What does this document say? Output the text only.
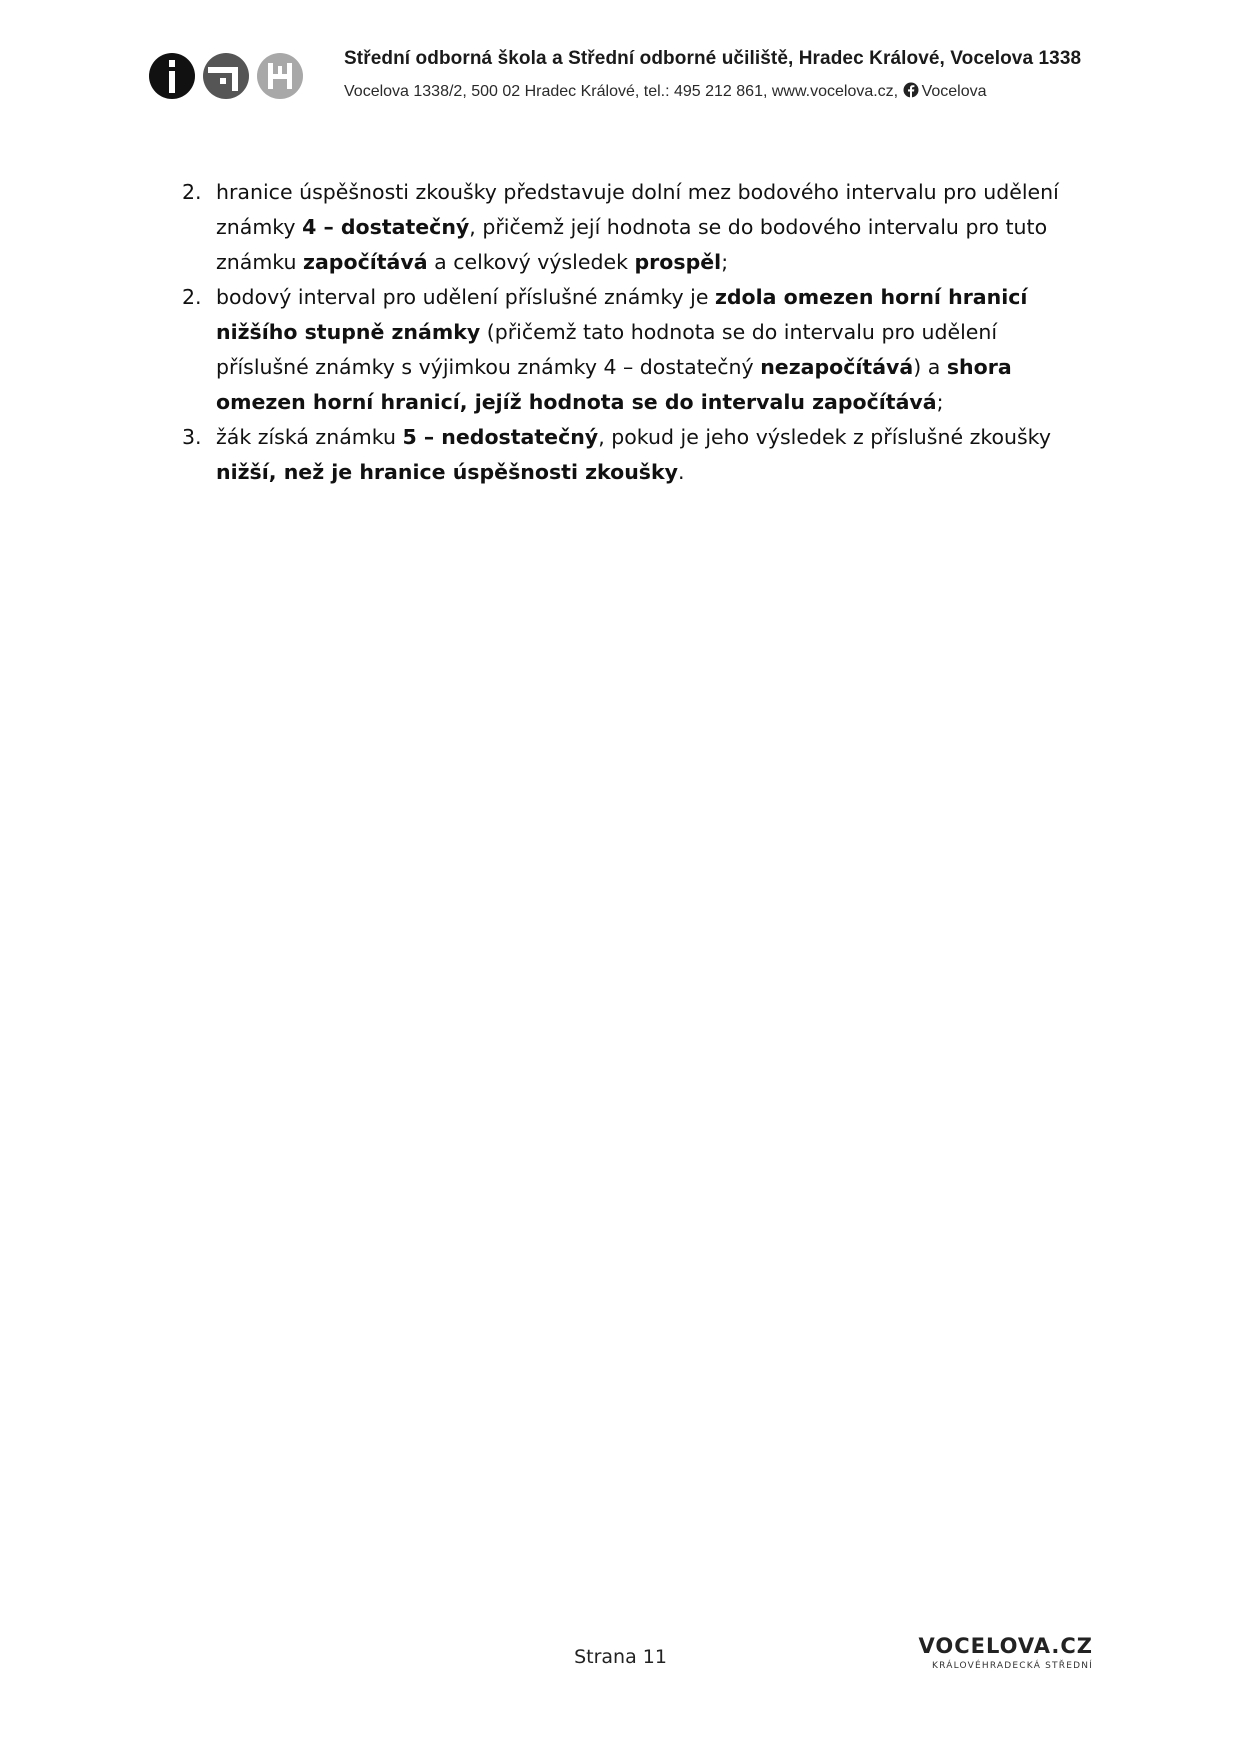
Střední odborná škola a Střední odborné učiliště, Hradec Králové, Vocelova 1338
Vocelova 1338/2, 500 02 Hradec Králové, tel.: 495 212 861, www.vocelova.cz, Vocelova
2. hranice úspěšnosti zkoušky představuje dolní mez bodového intervalu pro udělení známky 4 – dostatečný, přičemž její hodnota se do bodového intervalu pro tuto známku započítává a celkový výsledek prospěl;
2. bodový interval pro udělení příslušné známky je zdola omezen horní hranicí nižšího stupně známky (přičemž tato hodnota se do intervalu pro udělení příslušné známky s výjimkou známky 4 – dostatečný nezapočítává) a shora omezen horní hranicí, jejíž hodnota se do intervalu započítává;
3. žák získá známku 5 – nedostatečný, pokud je jeho výsledek z příslušné zkoušky nižší, než je hranice úspěšnosti zkoušky.
Strana 11	VOCELOVA.CZ
KRÁLOVÉHRADECKÁ STŘEDNÍ
